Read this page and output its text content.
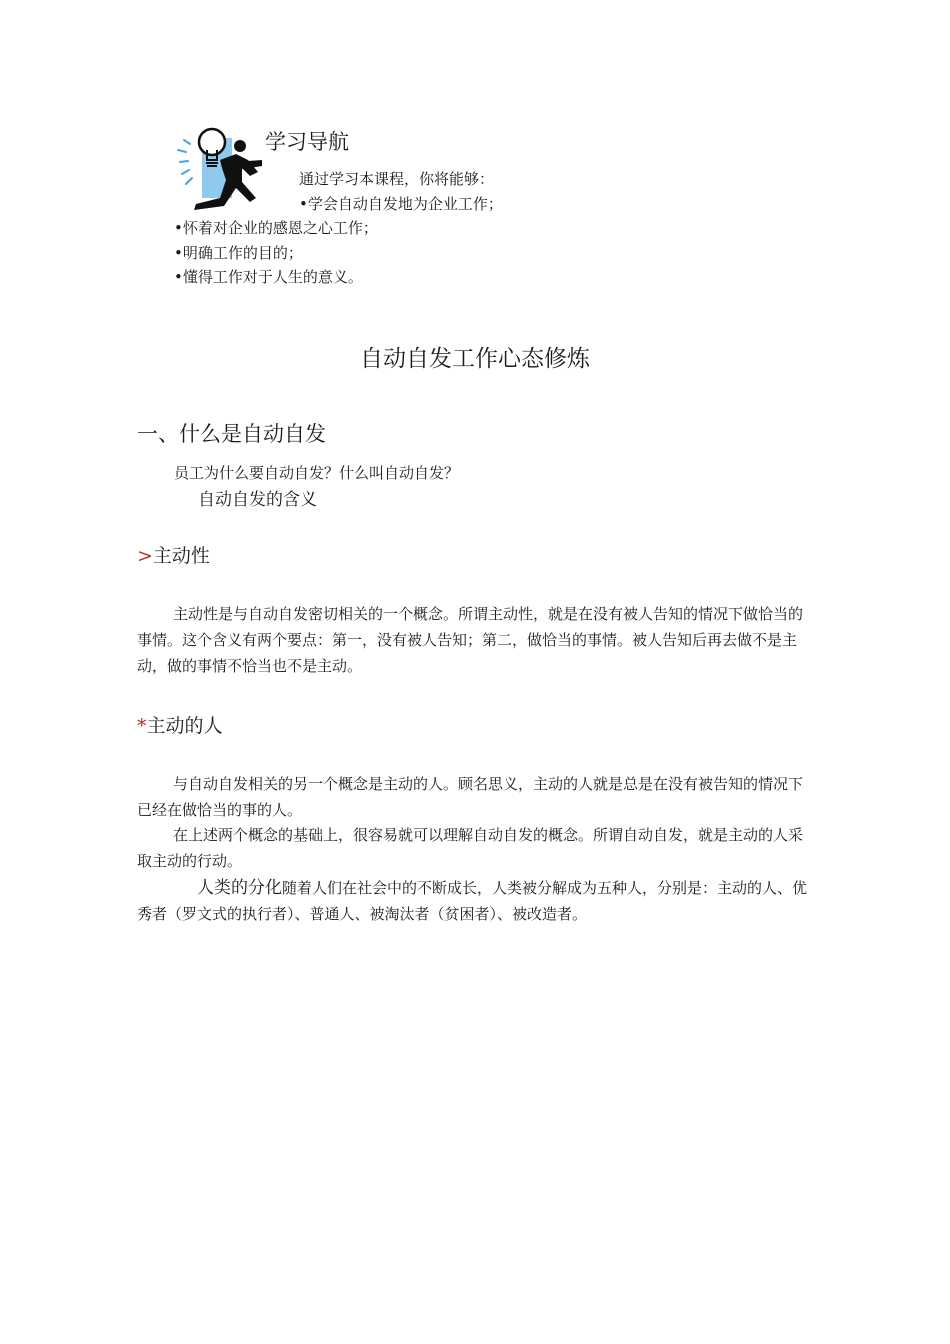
学习导航
通过学习本课程，你将能够：
•学会自动自发地为企业工作；
•怀着对企业的感恩之心工作；
•明确工作的目的；
•懂得工作对于人生的意义。
自动自发工作心态修炼
一、什么是自动自发
员工为什么要自动自发？什么叫自动自发？
自动自发的含义
>主动性
主动性是与自动自发密切相关的一个概念。所谓主动性，就是在没有被人告知的情况下做恰当的事情。这个含义有两个要点：第一，没有被人告知；第二，做恰当的事情。被人告知后再去做不是主动，做的事情不恰当也不是主动。
*主动的人
与自动自发相关的另一个概念是主动的人。顾名思义，主动的人就是总是在没有被告知的情况下已经在做恰当的事的人。
在上述两个概念的基础上，很容易就可以理解自动自发的概念。所谓自动自发，就是主动的人采取主动的行动。
人类的分化随着人们在社会中的不断成长，人类被分解成为五种人，分别是：主动的人、优秀者（罗文式的执行者）、普通人、被淘汰者（贫困者）、被改造者。
